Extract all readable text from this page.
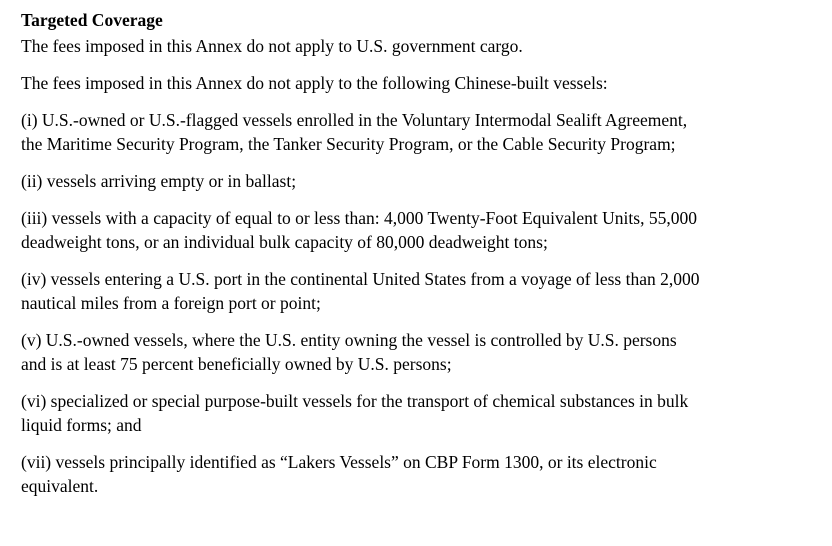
Targeted Coverage

The fees imposed in this Annex do not apply to U.S. government cargo.

The fees imposed in this Annex do not apply to the following Chinese-built vessels:

(i) U.S.-owned or U.S.-flagged vessels enrolled in the Voluntary Intermodal Sealift Agreement,
the Maritime Security Program, the Tanker Security Program, or the Cable Security Program;

(ii) vessels arriving empty or in ballast;

(iii) vessels with a capacity of equal to or less than: 4,000 Twenty-Foot Equivalent Units, 55,000
deadweight tons, or an individual bulk capacity of 80,000 deadweight tons;

(iv) vessels entering a U.S. port in the continental United States from a voyage of less than 2,000
nautical miles from a foreign port or point;

(v) U.S.-owned vessels, where the U.S. entity owning the vessel is controlled by U.S. persons
and is at least 75 percent beneficially owned by U.S. persons;

(vi) specialized or special purpose-built vessels for the transport of chemical substances in bulk
liquid forms; and

(vii) vessels principally identified as “Lakers Vessels” on CBP Form 1300, or its electronic
equivalent.
